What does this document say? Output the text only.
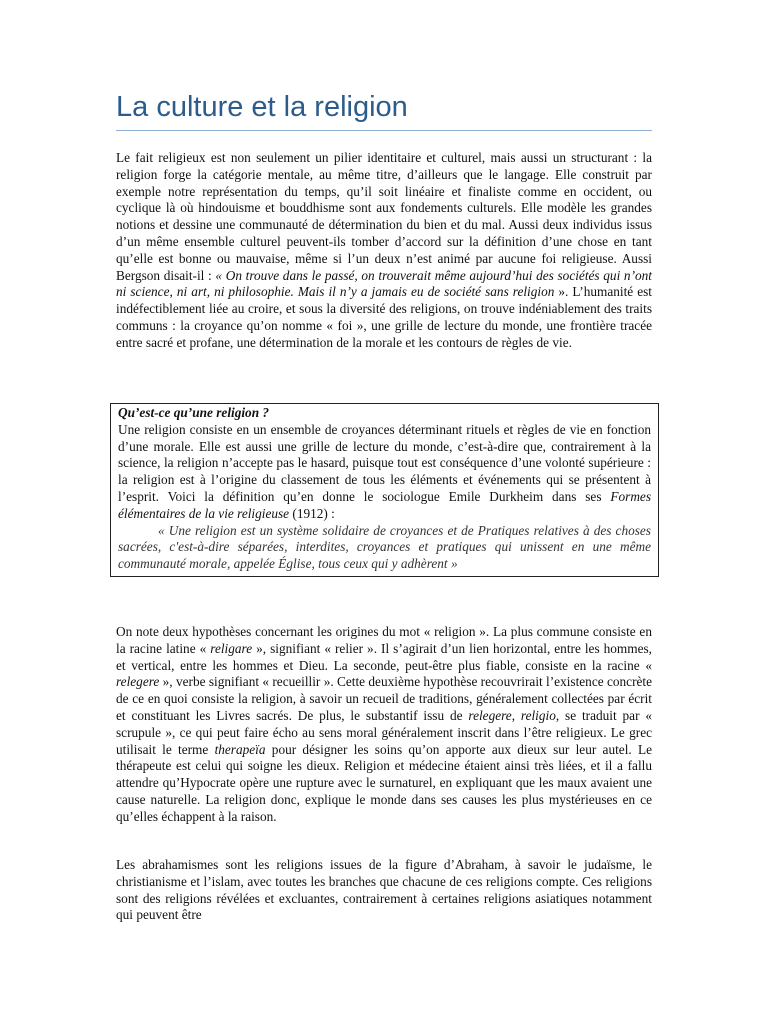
La culture et la religion

Le fait religieux est non seulement un pilier identitaire et culturel, mais aussi un structurant : la religion forge la catégorie mentale, au même titre, d’ailleurs que le langage. Elle construit par exemple notre représentation du temps, qu’il soit linéaire et finaliste comme en occident, ou cyclique là où hindouisme et bouddhisme sont aux fondements culturels. Elle modèle les grandes notions et dessine une communauté de détermination du bien et du mal. Aussi deux individus issus d’un même ensemble culturel peuvent-ils tomber d’accord sur la définition d’une chose en tant qu’elle est bonne ou mauvaise, même si l’un deux n’est animé par aucune foi religieuse. Aussi Bergson disait-il : « On trouve dans le passé, on trouverait même aujourd’hui des sociétés qui n’ont ni science, ni art, ni philosophie. Mais il n’y a jamais eu de société sans religion ». L’humanité est indéfectiblement liée au croire, et sous la diversité des religions, on trouve indéniablement des traits communs : la croyance qu’on nomme « foi », une grille de lecture du monde, une frontière tracée entre sacré et profane, une détermination de la morale et les contours de règles de vie.

Qu’est-ce qu’une religion ?
Une religion consiste en un ensemble de croyances déterminant rituels et règles de vie en fonction d’une morale. Elle est aussi une grille de lecture du monde, c’est-à-dire que, contrairement à la science, la religion n’accepte pas le hasard, puisque tout est conséquence d’une volonté supérieure : la religion est à l’origine du classement de tous les éléments et événements qui se présentent à l’esprit. Voici la définition qu’en donne le sociologue Emile Durkheim dans ses Formes élémentaires de la vie religieuse (1912) :
« Une religion est un système solidaire de croyances et de Pratiques relatives à des choses sacrées, c'est-à-dire séparées, interdites, croyances et pratiques qui unissent en une même communauté morale, appelée Église, tous ceux qui y adhèrent »

On note deux hypothèses concernant les origines du mot « religion ». La plus commune consiste en la racine latine « religare », signifiant « relier ». Il s’agirait d’un lien horizontal, entre les hommes, et vertical, entre les hommes et Dieu. La seconde, peut-être plus fiable, consiste en la racine « relegere », verbe signifiant « recueillir ». Cette deuxième hypothèse recouvrirait l’existence concrète de ce en quoi consiste la religion, à savoir un recueil de traditions, généralement collectées par écrit et constituant les Livres sacrés. De plus, le substantif issu de relegere, religio, se traduit par « scrupule », ce qui peut faire écho au sens moral généralement inscrit dans l’être religieux. Le grec utilisait le terme therapeïa pour désigner les soins qu’on apporte aux dieux sur leur autel. Le thérapeute est celui qui soigne les dieux. Religion et médecine étaient ainsi très liées, et il a fallu attendre qu’Hypocrate opère une rupture avec le surnaturel, en expliquant que les maux avaient une cause naturelle. La religion donc, explique le monde dans ses causes les plus mystérieuses en ce qu’elles échappent à la raison.

Les abrahamismes sont les religions issues de la figure d’Abraham, à savoir le judaïsme, le christianisme et l’islam, avec toutes les branches que chacune de ces religions compte. Ces religions sont des religions révélées et excluantes, contrairement à certaines religions asiatiques notamment qui peuvent être
